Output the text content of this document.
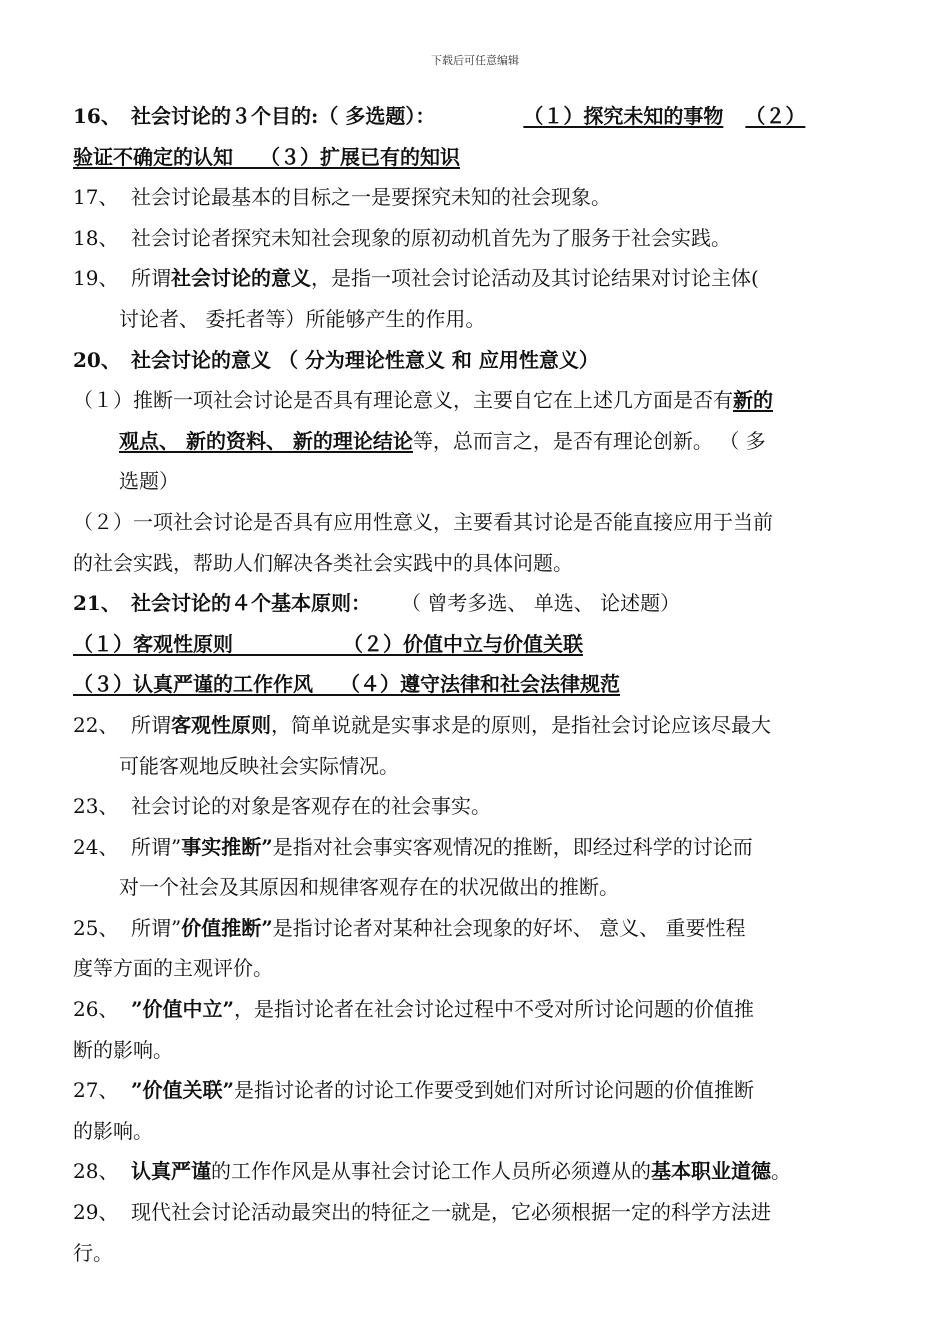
下载后可任意编辑
16、 社会讨论的３个目的:（ 多选题）：	（１）探究未知的事物 （２）
验证不确定的认知　 （３）扩展已有的知识
17、 社会讨论最基本的目标之一是要探究未知的社会现象。
18、 社会讨论者探究未知社会现象的原初动机首先为了服务于社会实践。
19、 所谓社会讨论的意义，是指一项社会讨论活动及其讨论结果对讨论主体(
讨论者、 委托者等）所能够产生的作用。
20、 社会讨论的意义 （ 分为理论性意义 和 应用性意义）
（１）推断一项社会讨论是否具有理论意义，主要自它在上述几方面是否有新的
观点、 新的资料、 新的理论结论等，总而言之，是否有理论创新。 （ 多
选题）
（２）一项社会讨论是否具有应用性意义，主要看其讨论是否能直接应用于当前
的社会实践，帮助人们解决各类社会实践中的具体问题。
21、 社会讨论的４个基本原则： （ 曾考多选、 单选、 论述题）
（１）客观性原则　　　　　　	（２）价值中立与价值关联
（３）认真严谨的工作作风　 （４）遵守法律和社会法律规范
22、 所谓客观性原则，简单说就是实事求是的原则，是指社会讨论应该尽最大
可能客观地反映社会实际情况。
23、 社会讨论的对象是客观存在的社会事实。
24、 所谓”事实推断”是指对社会事实客观情况的推断，即经过科学的讨论而
对一个社会及其原因和规律客观存在的状况做出的推断。
25、 所谓”价值推断”是指讨论者对某种社会现象的好坏、 意义、 重要性程
度等方面的主观评价。
26、 ”价值中立”，是指讨论者在社会讨论过程中不受对所讨论问题的价值推
断的影响。
27、 ”价值关联”是指讨论者的讨论工作要受到她们对所讨论问题的价值推断
的影响。
28、 认真严谨的工作作风是从事社会讨论工作人员所必须遵从的基本职业道德。
29、 现代社会讨论活动最突出的特征之一就是，它必须根据一定的科学方法进
行。
